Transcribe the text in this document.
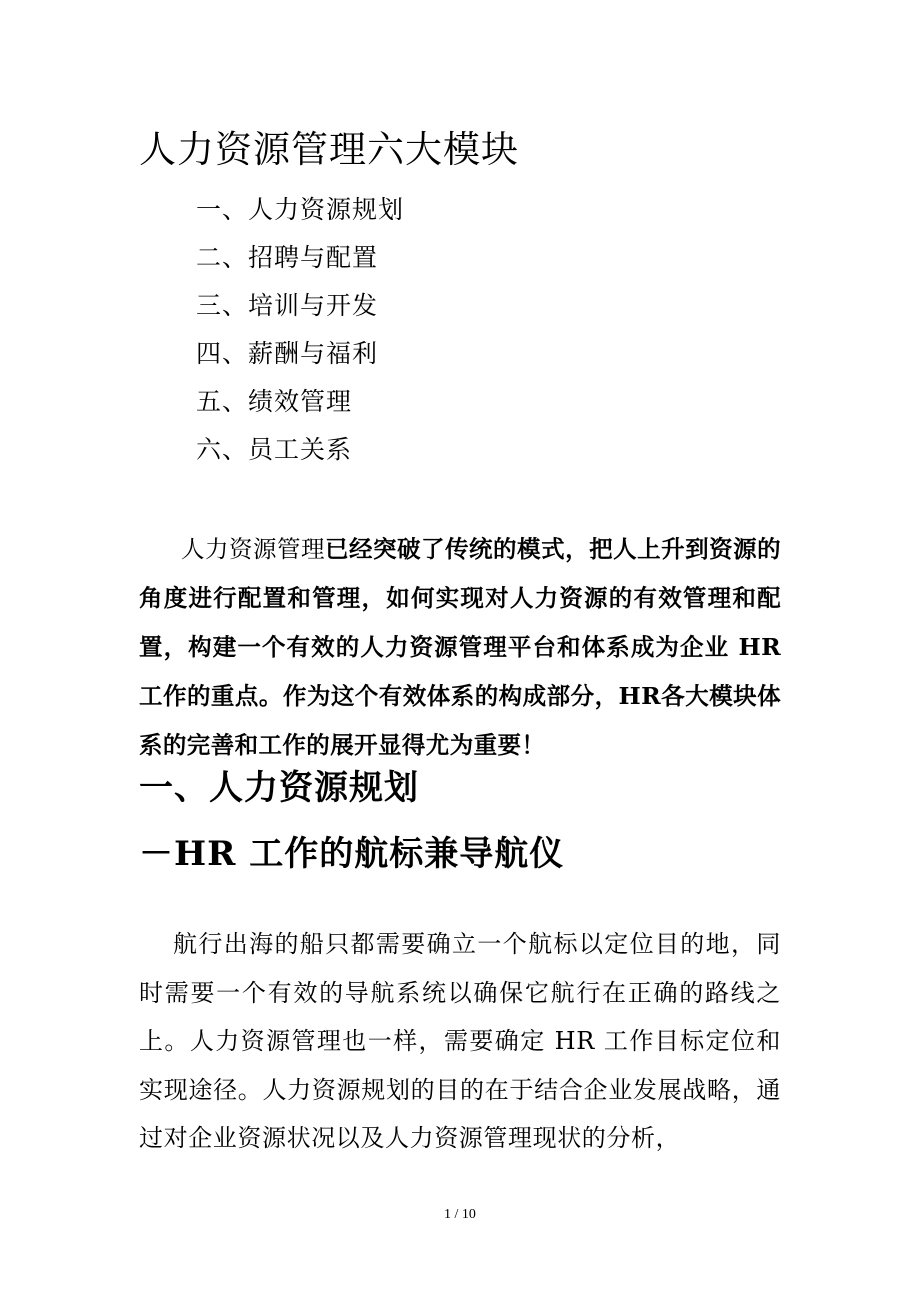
人力资源管理六大模块
一、人力资源规划
二、招聘与配置
三、培训与开发
四、薪酬与福利
五、绩效管理
六、员工关系

人力资源管理已经突破了传统的模式，把人上升到资源的角度进行配置和管理，如何实现对人力资源的有效管理和配置，构建一个有效的人力资源管理平台和体系成为企业 HR 工作的重点。作为这个有效体系的构成部分，HR各大模块体系的完善和工作的展开显得尤为重要！

一、人力资源规划
－HR 工作的航标兼导航仪

航行出海的船只都需要确立一个航标以定位目的地，同时需要一个有效的导航系统以确保它航行在正确的路线之上。人力资源管理也一样，需要确定 HR 工作目标定位和实现途径。人力资源规划的目的在于结合企业发展战略，通过对企业资源状况以及人力资源管理现状的分析，

1 / 10
